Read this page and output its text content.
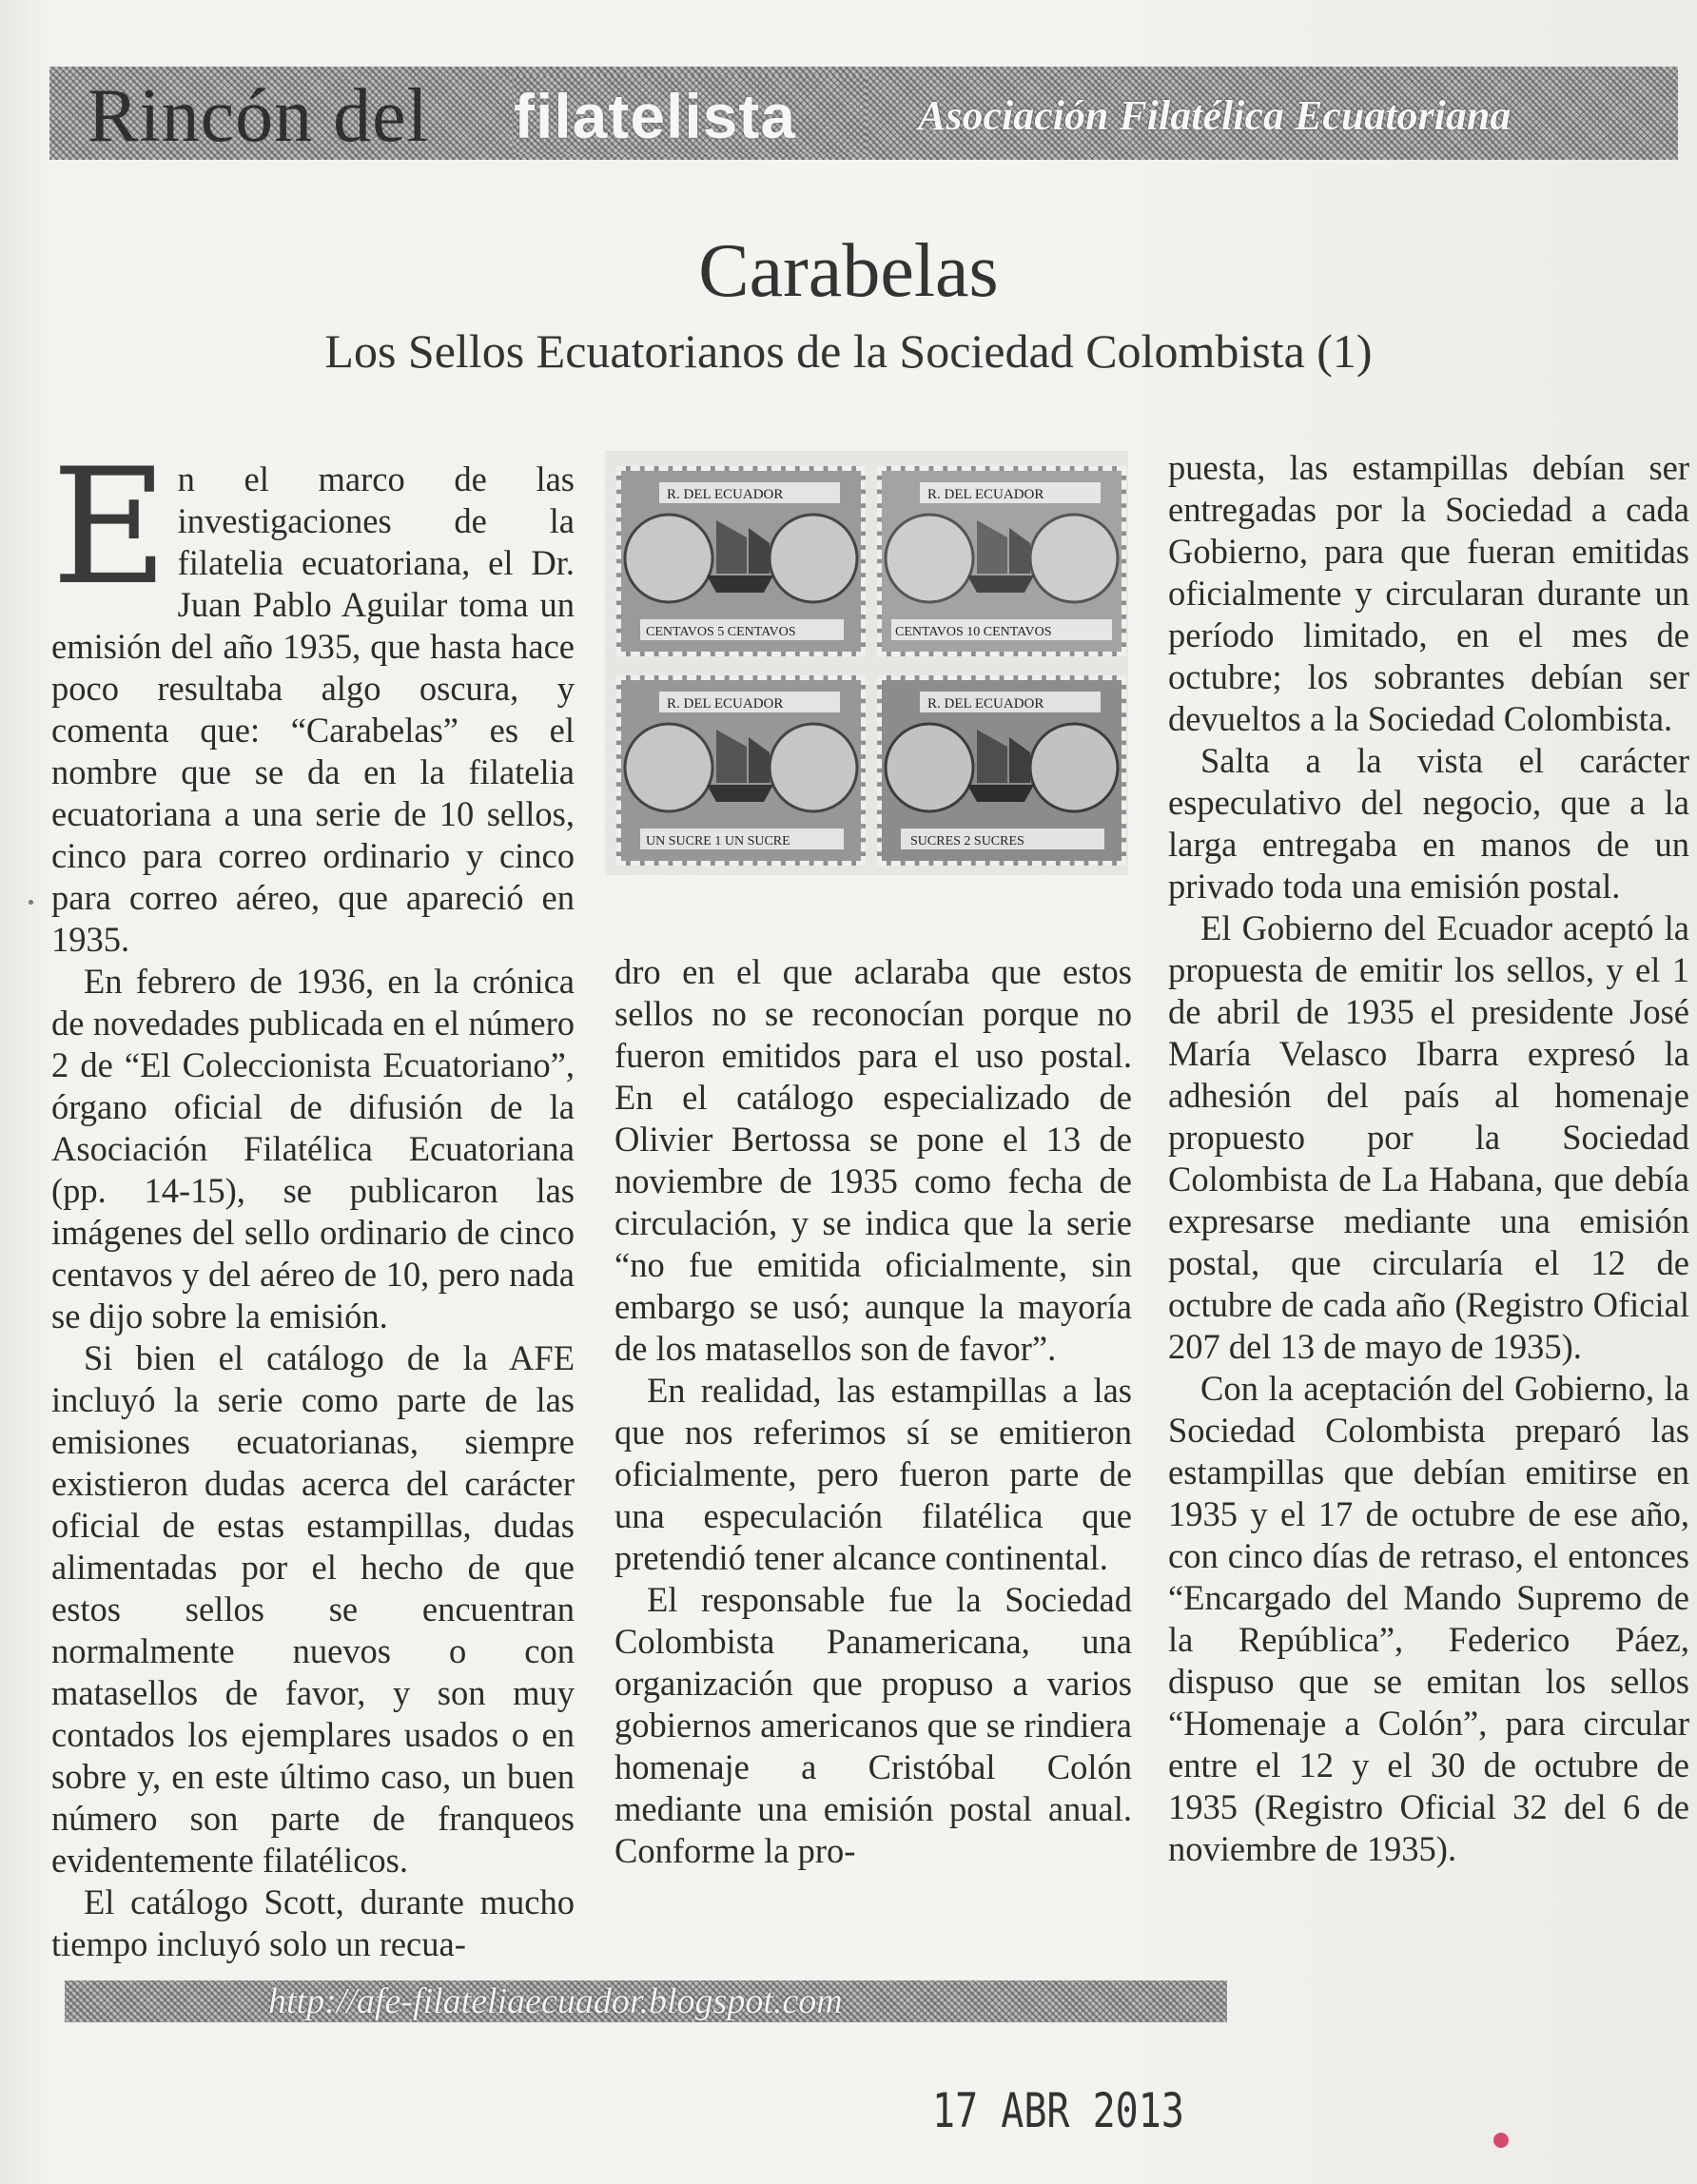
Rincón del filatelista	Asociación Filatélica Ecuatoriana
Carabelas
Los Sellos Ecuatorianos de la Sociedad Colombista (1)

En el marco de las investigaciones de la filatelia ecuatoriana, el Dr. Juan Pablo Aguilar toma un emisión del año 1935, que hasta hace poco resultaba algo oscura, y comenta que: “Carabelas” es el nombre que se da en la filatelia ecuatoriana a una serie de 10 sellos, cinco para correo ordinario y cinco para correo aéreo, que apareció en 1935.

En febrero de 1936, en la crónica de novedades publicada en el número 2 de “El Coleccionista Ecuatoriano”, órgano oficial de difusión de la Asociación Filatélica Ecuatoriana (pp. 14-15), se publicaron las imágenes del sello ordinario de cinco centavos y del aéreo de 10, pero nada se dijo sobre la emisión.

Si bien el catálogo de la AFE incluyó la serie como parte de las emisiones ecuatorianas, siempre existieron dudas acerca del carácter oficial de estas estampillas, dudas alimentadas por el hecho de que estos sellos se encuentran normalmente nuevos o con matasellos de favor, y son muy contados los ejemplares usados o en sobre y, en este último caso, un buen número son parte de franqueos evidentemente filatélicos.

El catálogo Scott, durante mucho tiempo incluyó solo un recua-

R. DEL ECUADOR
CENTAVOS 5 CENTAVOS
R. DEL ECUADOR
CENTAVOS 10 CENTAVOS
R. DEL ECUADOR
UN SUCRE 1 UN SUCRE
R. DEL ECUADOR
SUCRES 2 SUCRES

dro en el que aclaraba que estos sellos no se reconocían porque no fueron emitidos para el uso postal. En el catálogo especializado de Olivier Bertossa se pone el 13 de noviembre de 1935 como fecha de circulación, y se indica que la serie “no fue emitida oficialmente, sin embargo se usó; aunque la mayoría de los matasellos son de favor”.

En realidad, las estampillas a las que nos referimos sí se emitieron oficialmente, pero fueron parte de una especulación filatélica que pretendió tener alcance continental.

El responsable fue la Sociedad Colombista Panamericana, una organización que propuso a varios gobiernos americanos que se rindiera homenaje a Cristóbal Colón mediante una emisión postal anual. Conforme la pro-

puesta, las estampillas debían ser entregadas por la Sociedad a cada Gobierno, para que fueran emitidas oficialmente y circularan durante un período limitado, en el mes de octubre; los sobrantes debían ser devueltos a la Sociedad Colombista.

Salta a la vista el carácter especulativo del negocio, que a la larga entregaba en manos de un privado toda una emisión postal.

El Gobierno del Ecuador aceptó la propuesta de emitir los sellos, y el 1 de abril de 1935 el presidente José María Velasco Ibarra expresó la adhesión del país al homenaje propuesto por la Sociedad Colombista de La Habana, que debía expresarse mediante una emisión postal, que circularía el 12 de octubre de cada año (Registro Oficial 207 del 13 de mayo de 1935).

Con la aceptación del Gobierno, la Sociedad Colombista preparó las estampillas que debían emitirse en 1935 y el 17 de octubre de ese año, con cinco días de retraso, el entonces “Encargado del Mando Supremo de la República”, Federico Páez, dispuso que se emitan los sellos “Homenaje a Colón”, para circular entre el 12 y el 30 de octubre de 1935 (Registro Oficial 32 del 6 de noviembre de 1935).

http://afe-filateliaecuador.blogspot.com
17 ABR 2013
